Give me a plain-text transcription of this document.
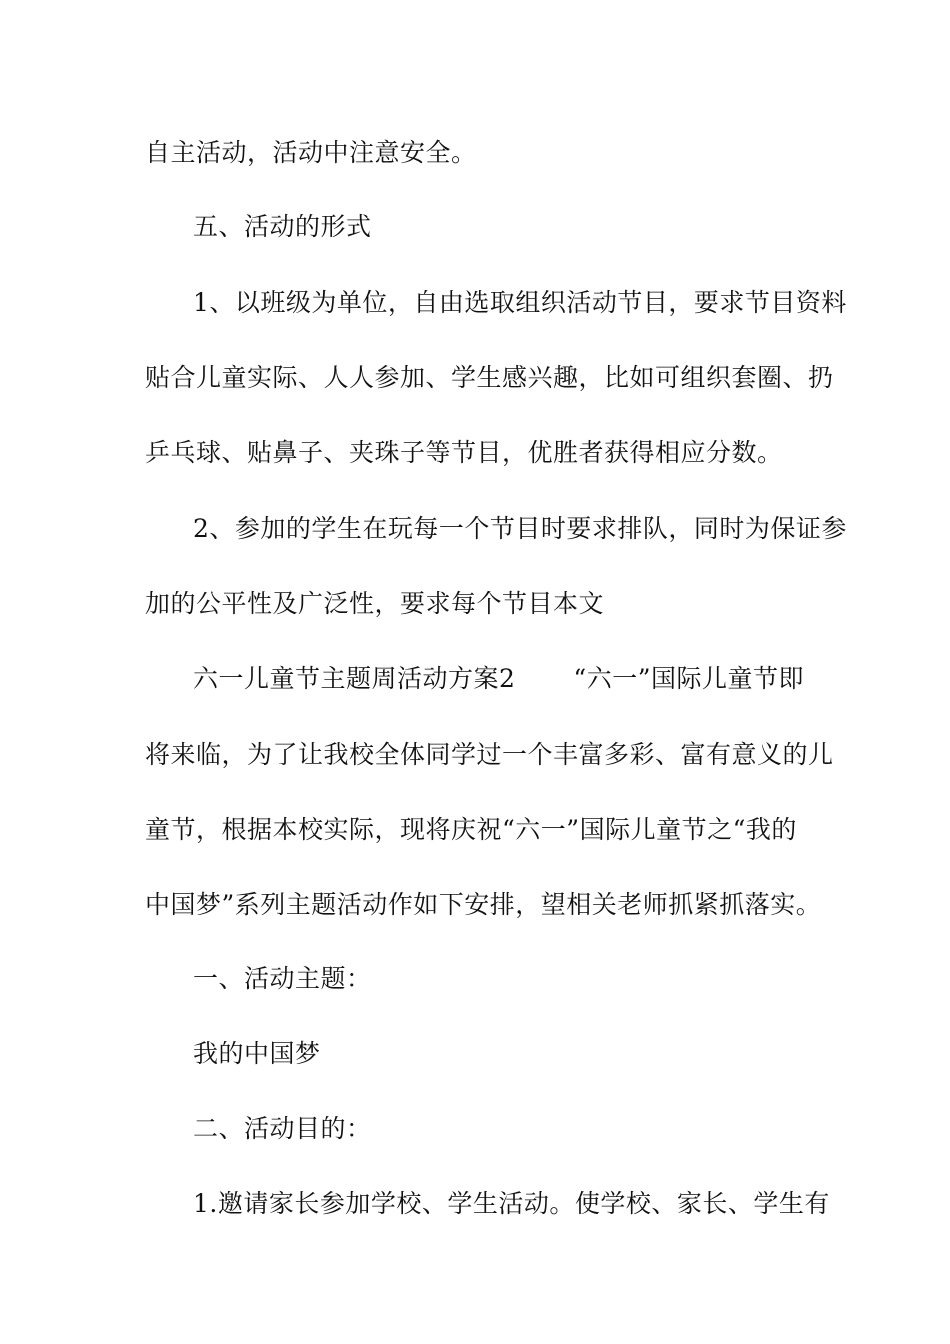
自主活动，活动中注意安全。
五、活动的形式
1、以班级为单位，自由选取组织活动节目，要求节目资料
贴合儿童实际、人人参加、学生感兴趣，比如可组织套圈、扔
乒乓球、贴鼻子、夹珠子等节目，优胜者获得相应分数。
2、参加的学生在玩每一个节目时要求排队，同时为保证参
加的公平性及广泛性，要求每个节目本文
六一儿童节主题周活动方案2 “六一”国际儿童节即
将来临，为了让我校全体同学过一个丰富多彩、富有意义的儿
童节，根据本校实际，现将庆祝“六一”国际儿童节之“我的
中国梦”系列主题活动作如下安排，望相关老师抓紧抓落实。
一、活动主题：
我的中国梦
二、活动目的：
1.邀请家长参加学校、学生活动。使学校、家长、学生有
